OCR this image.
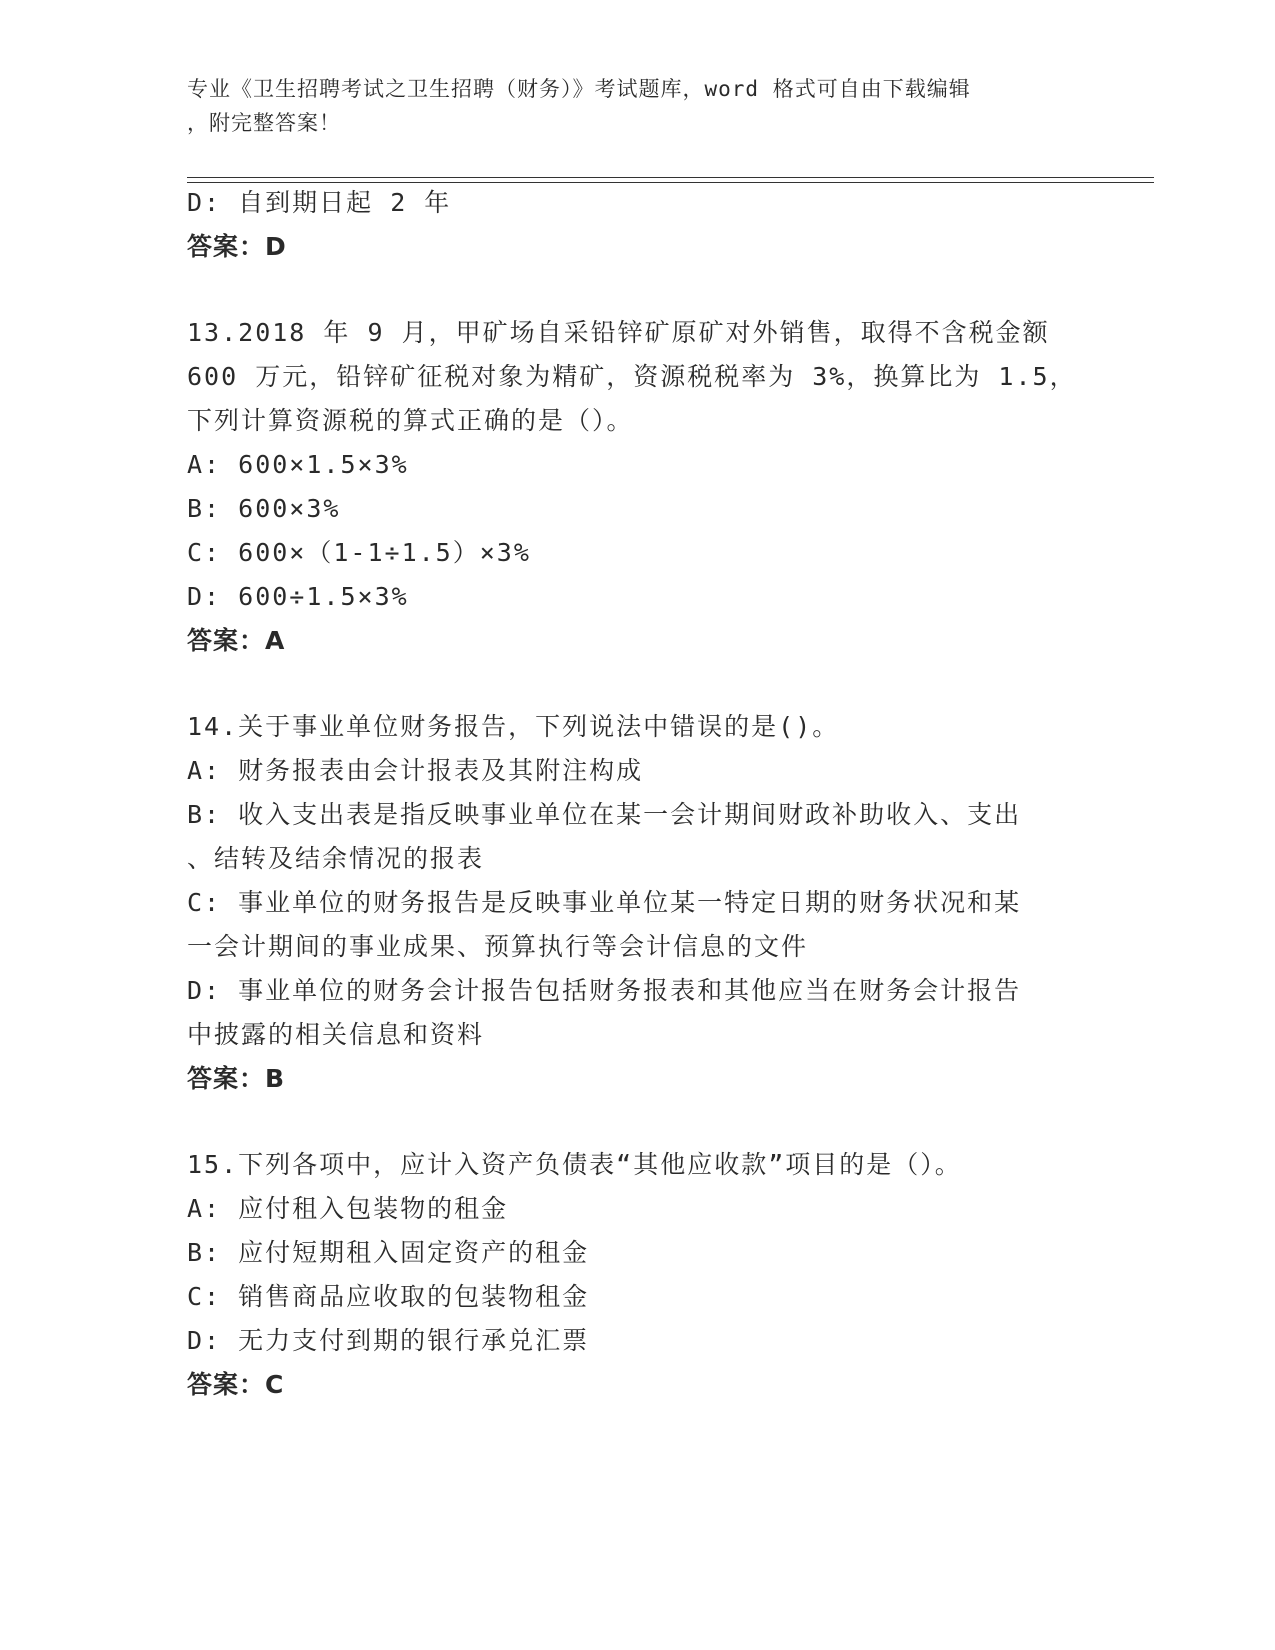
专业《卫生招聘考试之卫生招聘（财务）》考试题库，word 格式可自由下载编辑
，附完整答案！
D: 自到期日起 2 年
答案：D
13.2018 年 9 月，甲矿场自采铅锌矿原矿对外销售，取得不含税金额
600 万元，铅锌矿征税对象为精矿，资源税税率为 3%，换算比为 1.5，
下列计算资源税的算式正确的是（）。
A: 600×1.5×3%
B: 600×3%
C: 600×（1-1÷1.5）×3%
D: 600÷1.5×3%
答案：A
14.关于事业单位财务报告，下列说法中错误的是()。
A: 财务报表由会计报表及其附注构成
B: 收入支出表是指反映事业单位在某一会计期间财政补助收入、支出
、结转及结余情况的报表
C: 事业单位的财务报告是反映事业单位某一特定日期的财务状况和某
一会计期间的事业成果、预算执行等会计信息的文件
D: 事业单位的财务会计报告包括财务报表和其他应当在财务会计报告
中披露的相关信息和资料
答案：B
15.下列各项中，应计入资产负债表“其他应收款”项目的是（）。
A: 应付租入包装物的租金
B: 应付短期租入固定资产的租金
C: 销售商品应收取的包装物租金
D: 无力支付到期的银行承兑汇票
答案：C
